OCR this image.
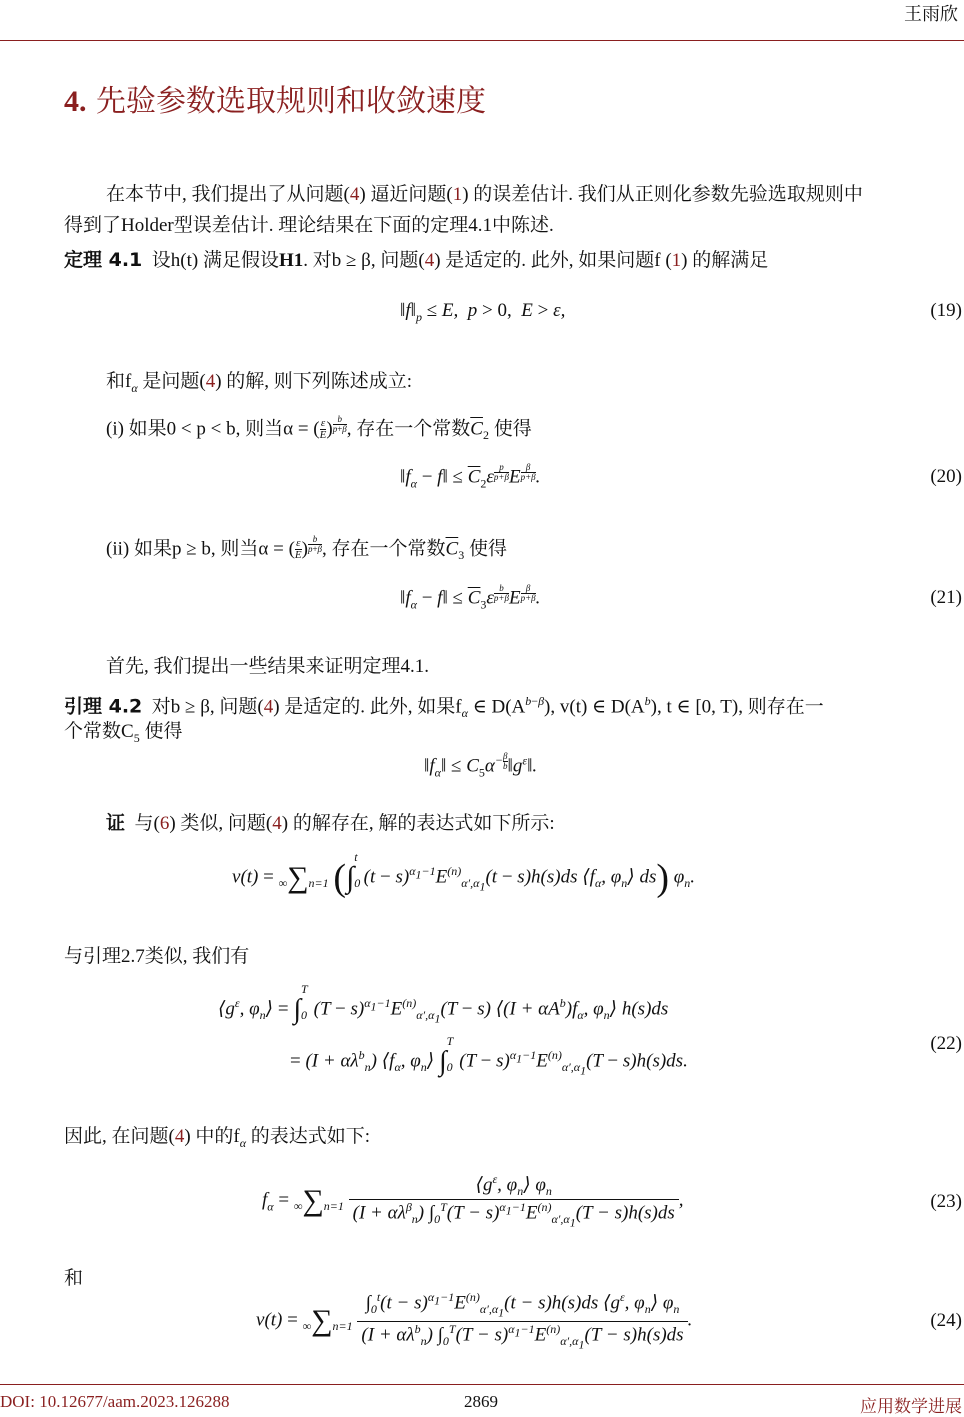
王雨欣
4. 先验参数选取规则和收敛速度
在本节中, 我们提出了从问题(4) 逼近问题(1) 的误差估计. 我们从正则化参数先验选取规则中
得到了Holder型误差估计. 理论结果在下面的定理4.1中陈述.
定理 4.1 设h(t) 满足假设H1. 对b ≥ β, 问题(4) 是适定的. 此外, 如果问题f (1) 的解满足
$‖f‖_p \le E$,  p > 0, E > ε,	(19)
和$f_\alpha$ 是问题(4) 的解, 则下列陈述成立:
(i) 如果0 < p < b, 则当α = ( $\frac{\varepsilon}{E}$ ) $^{\frac{b}{p+\beta}}$ , 存在一个常数$\overline{C}_2$ 使得
$‖f_\alpha$ − f‖ ≤ $\overline{C}_2\varepsilon$ $^{\frac{p}{p+\beta}}$ E $^{\frac{\beta}{p+\beta}}$ .	(20)
(ii) 如果p ≥ b, 则当α = ( $\frac{\varepsilon}{E}$ ) $^{\frac{b}{p+\beta}}$ , 存在一个常数$\overline{C}_3$ 使得
$‖f_\alpha$ − f‖ ≤ $\overline{C}_3\varepsilon$ $^{\frac{b}{p+\beta}}$ E $^{\frac{\beta}{p+\beta}}$ .	(21)
首先, 我们提出一些结果来证明定理4.1.
引理 4.2 对b ≥ β, 问题(4) 是适定的. 此外, 如果$f_\alpha$ ∈ $D(A^{b-\beta})$, v(t) ∈ $D(A^b)$, t ∈ [0, T), 则存在一
个常数$C_5$ 使得
$‖f_\alpha‖ \le C_5\alpha^{- \frac{\beta}{b}}$ $‖g^\varepsilon‖$.
证 与(6) 类似, 问题(4) 的解存在, 解的表达式如下所示:
v(t) = ∞∑n=1 ($\int_0^t(t - s)^{\alpha_1-1}E^{(n)}_{\alpha',\alpha_1}(t - s)h(s)ds$ $⟨f_\alpha$, $\varphi_n⟩$ ds) $\varphi_n$.
与引理2.7类似, 我们有
$⟨g^\varepsilon$, $\varphi_n⟩ = \int_0^T(T - s)^{\alpha_1-1}E^{(n)}_{\alpha',\alpha_1}(T - s)$ ⟨(I + $\alpha A^b)f_\alpha$, $\varphi_n⟩$ h(s)ds
= $(I + \alpha\lambda^b_n)$ $⟨f_\alpha$, $\varphi_n⟩$ $\int_0^T(T - s)^{\alpha_1-1}E^{(n)}_{\alpha',\alpha_1}(T - s)h(s)ds$.
(22)
因此, 在问题(4) 中的$f_\alpha$ 的表达式如下:
$f_\alpha = \infty\sum n=1$
$⟨g^\varepsilon$, $\varphi_n⟩$ $\varphi_n$
$(I + \alpha\lambda^\beta_n)$ $\int_0^T(T - s)^{\alpha_1-1}E^{(n)}_{\alpha',\alpha_1}(T - s)h(s)ds$
,	(23)
和
v(t) = ∞∑n=1
$\int_0^t(t - s)^{\alpha_1-1}E^{(n)}_{\alpha',\alpha_1}(t - s)h(s)ds$ $⟨g^\varepsilon$, $\varphi_n⟩$ $\varphi_n$
$(I + \alpha\lambda^b_n)$ $\int_0^T(T - s)^{\alpha_1-1}E^{(n)}_{\alpha',\alpha_1}(T - s)h(s)ds$
.	(24)
DOI: 10.12677/aam.2023.126288	2869	应用数学进展
